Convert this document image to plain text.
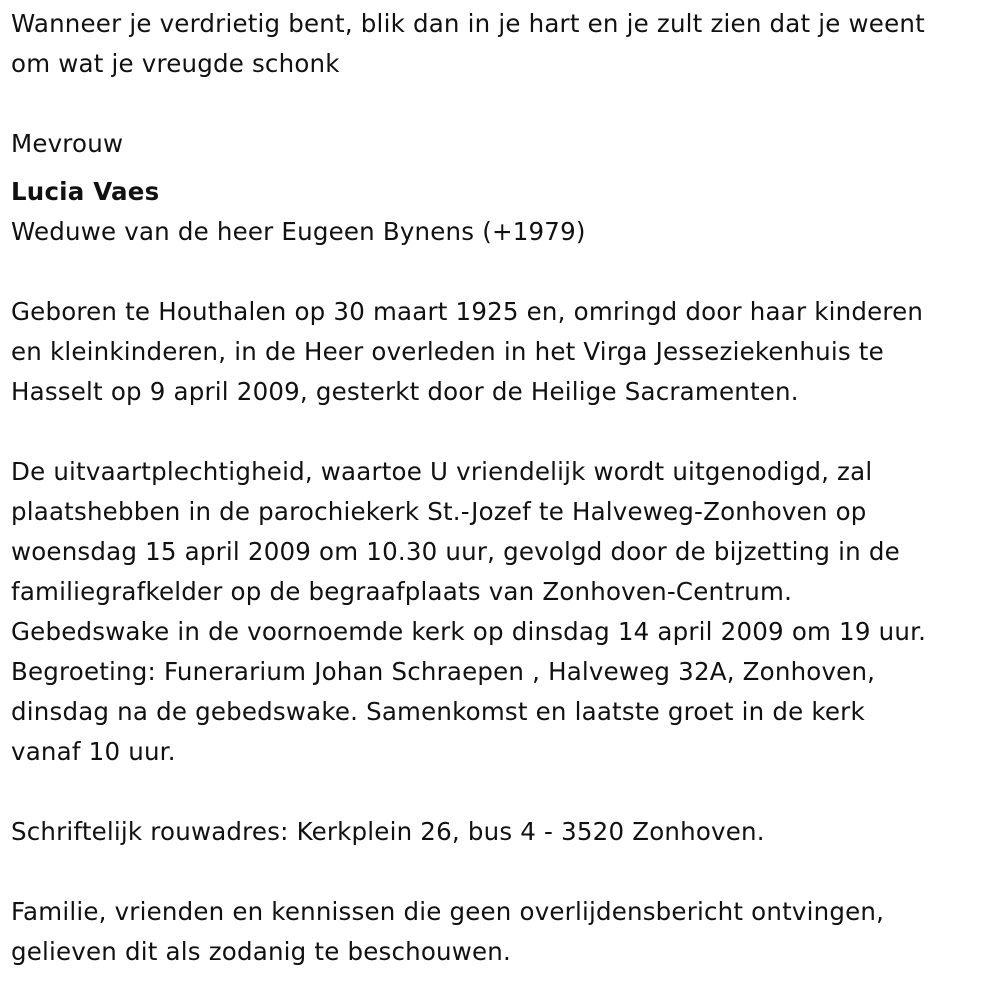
Wanneer je verdrietig bent, blik dan in je hart en je zult zien dat je weent
om wat je vreugde schonk

Mevrouw

Lucia Vaes

Weduwe van de heer Eugeen Bynens (+1979)

Geboren te Houthalen op 30 maart 1925 en, omringd door haar kinderen
en kleinkinderen, in de Heer overleden in het Virga Jesseziekenhuis te
Hasselt op 9 april 2009, gesterkt door de Heilige Sacramenten.

De uitvaartplechtigheid, waartoe U vriendelijk wordt uitgenodigd, zal
plaatshebben in de parochiekerk St.-Jozef te Halveweg-Zonhoven op
woensdag 15 april 2009 om 10.30 uur, gevolgd door de bijzetting in de
familiegrafkelder op de begraafplaats van Zonhoven-Centrum.
Gebedswake in de voornoemde kerk op dinsdag 14 april 2009 om 19 uur.
Begroeting: Funerarium Johan Schraepen , Halveweg 32A, Zonhoven,
dinsdag na de gebedswake. Samenkomst en laatste groet in de kerk
vanaf 10 uur.

Schriftelijk rouwadres: Kerkplein 26, bus 4 - 3520 Zonhoven.

Familie, vrienden en kennissen die geen overlijdensbericht ontvingen,
gelieven dit als zodanig te beschouwen.
